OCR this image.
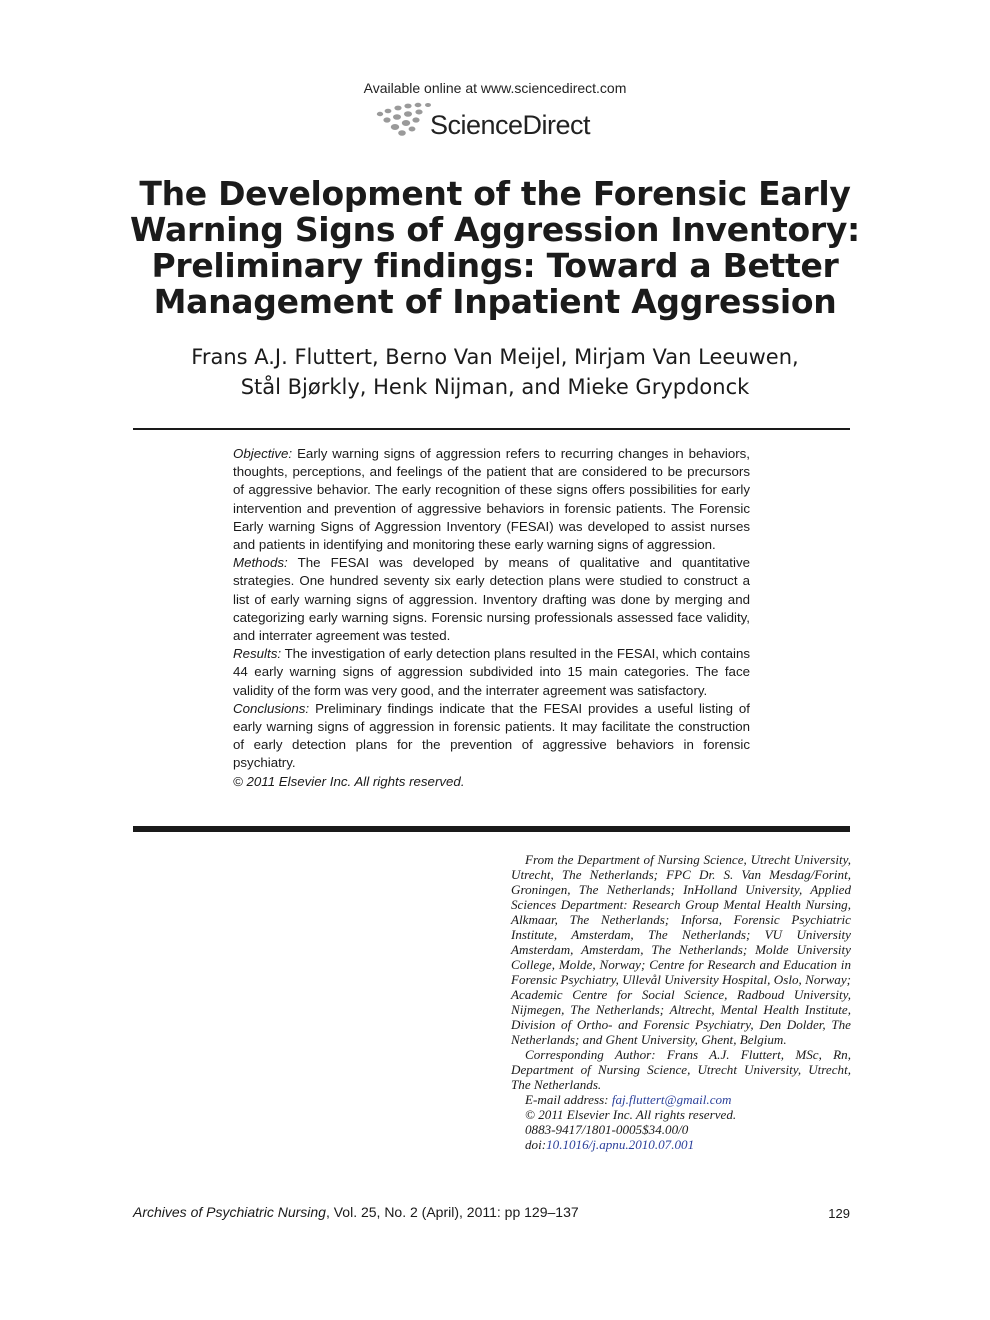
Available online at www.sciencedirect.com
ScienceDirect
The Development of the Forensic Early Warning Signs of Aggression Inventory: Preliminary findings: Toward a Better Management of Inpatient Aggression
Frans A.J. Fluttert, Berno Van Meijel, Mirjam Van Leeuwen,
Stål Bjørkly, Henk Nijman, and Mieke Grypdonck

Objective: Early warning signs of aggression refers to recurring changes in behaviors, thoughts, perceptions, and feelings of the patient that are considered to be precursors of aggressive behavior. The early recognition of these signs offers possibilities for early intervention and prevention of aggressive behaviors in forensic patients. The Forensic Early warning Signs of Aggression Inventory (FESAI) was developed to assist nurses and patients in identifying and monitoring these early warning signs of aggression.

Methods: The FESAI was developed by means of qualitative and quantitative strategies. One hundred seventy six early detection plans were studied to construct a list of early warning signs of aggression. Inventory drafting was done by merging and categorizing early warning signs. Forensic nursing professionals assessed face validity, and interrater agreement was tested.

Results: The investigation of early detection plans resulted in the FESAI, which contains 44 early warning signs of aggression subdivided into 15 main categories. The face validity of the form was very good, and the interrater agreement was satisfactory.

Conclusions: Preliminary findings indicate that the FESAI provides a useful listing of early warning signs of aggression in forensic patients. It may facilitate the construction of early detection plans for the prevention of aggressive behaviors in forensic psychiatry.

© 2011 Elsevier Inc. All rights reserved.

From the Department of Nursing Science, Utrecht University, Utrecht, The Netherlands; FPC Dr. S. Van Mesdag/Forint, Groningen, The Netherlands; InHolland University, Applied Sciences Department: Research Group Mental Health Nursing, Alkmaar, The Netherlands; Inforsa, Forensic Psychiatric Institute, Amsterdam, The Netherlands; VU University Amsterdam, Amsterdam, The Netherlands; Molde University College, Molde, Norway; Centre for Research and Education in Forensic Psychiatry, Ullevål University Hospital, Oslo, Norway; Academic Centre for Social Science, Radboud University, Nijmegen, The Netherlands; Altrecht, Mental Health Institute, Division of Ortho- and Forensic Psychiatry, Den Dolder, The Netherlands; and Ghent University, Ghent, Belgium.

Corresponding Author: Frans A.J. Fluttert, MSc, Rn, Department of Nursing Science, Utrecht University, Utrecht, The Netherlands.

E-mail address: faj.fluttert@gmail.com

© 2011 Elsevier Inc. All rights reserved.

0883-9417/1801-0005$34.00/0

doi:10.1016/j.apnu.2010.07.001

Archives of Psychiatric Nursing, Vol. 25, No. 2 (April), 2011: pp 129–137	129
